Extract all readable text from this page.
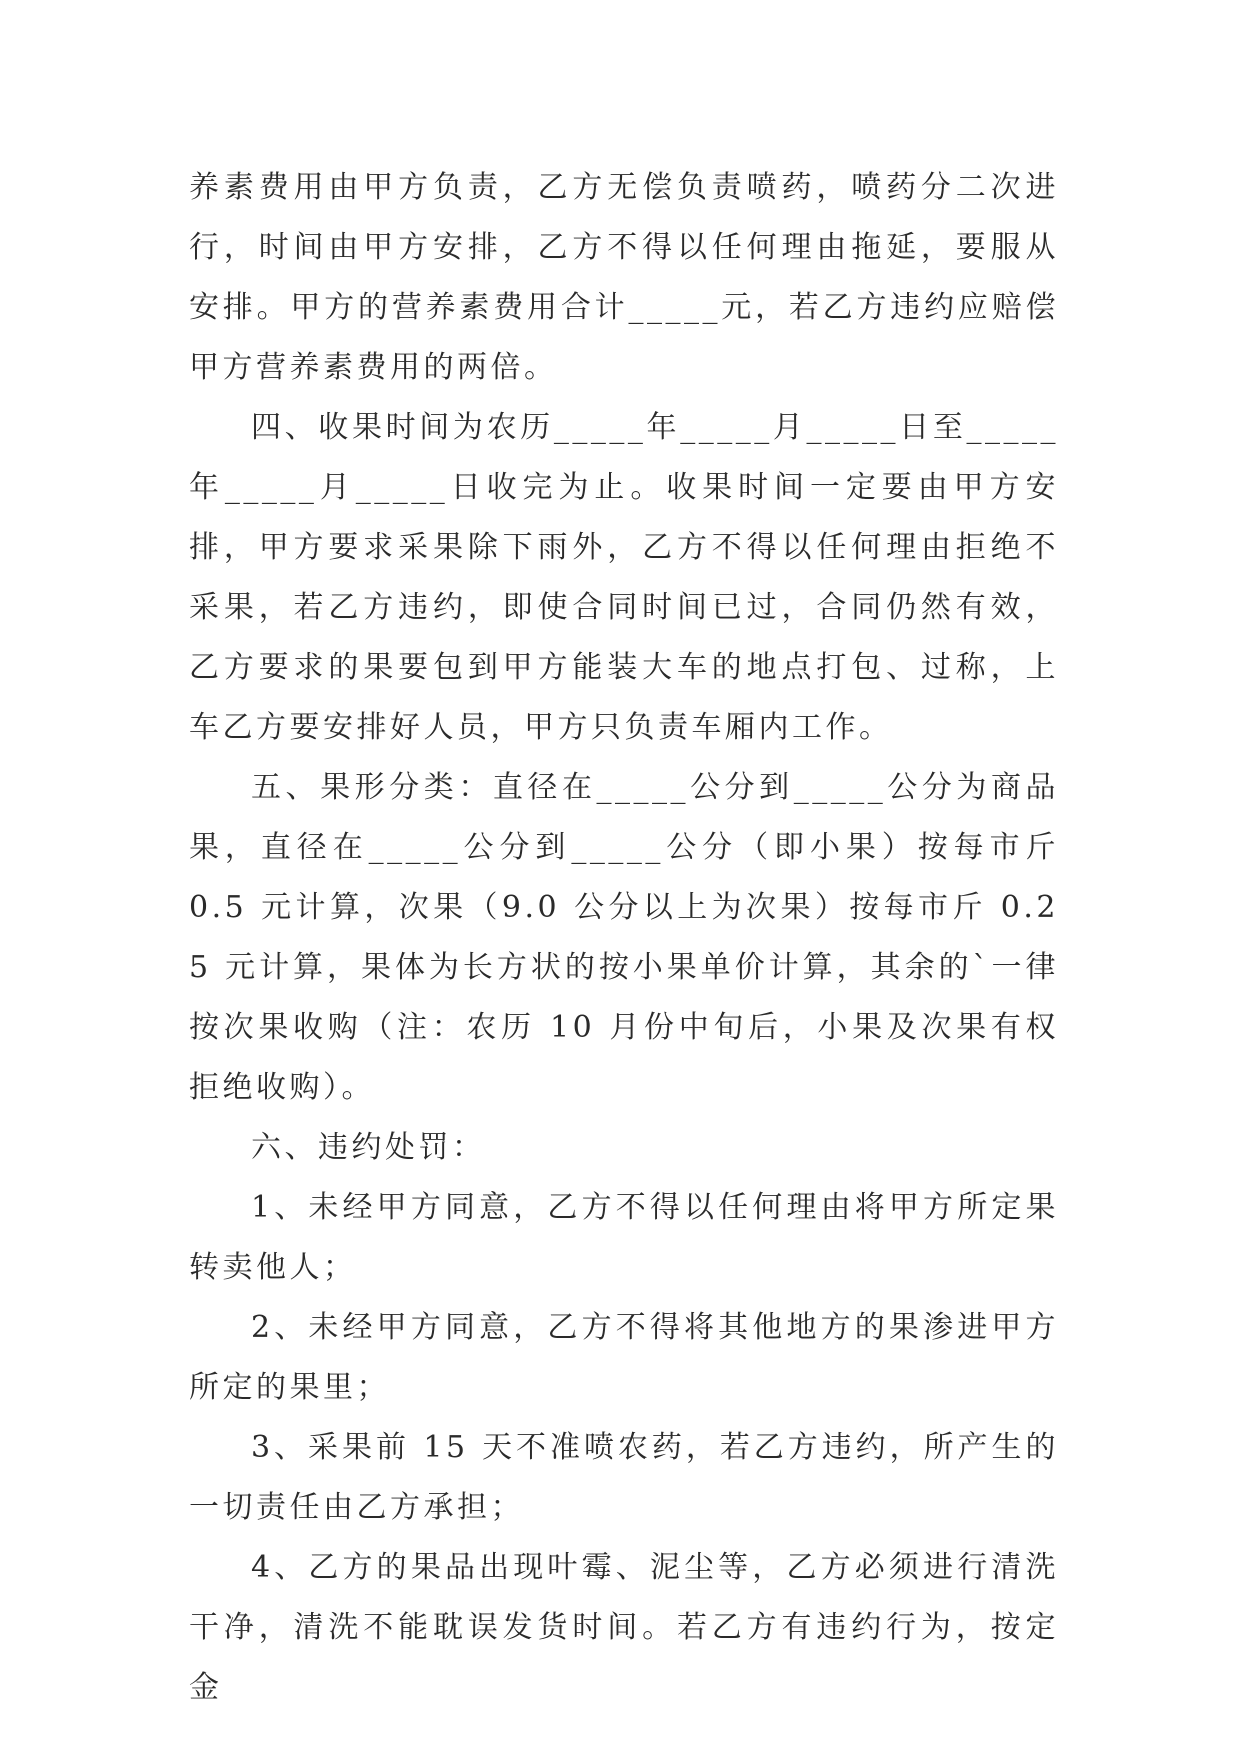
养素费用由甲方负责，乙方无偿负责喷药，喷药分二次进行，时间由甲方安排，乙方不得以任何理由拖延，要服从安排。甲方的营养素费用合计_____元，若乙方违约应赔偿甲方营养素费用的两倍。

四、收果时间为农历_____年_____月_____日至_____年_____月_____日收完为止。收果时间一定要由甲方安排，甲方要求采果除下雨外，乙方不得以任何理由拒绝不采果，若乙方违约，即使合同时间已过，合同仍然有效，乙方要求的果要包到甲方能装大车的地点打包、过称，上车乙方要安排好人员，甲方只负责车厢内工作。

五、果形分类：直径在_____公分到_____公分为商品果，直径在_____公分到_____公分（即小果）按每市斤 0.5 元计算，次果（9.0 公分以上为次果）按每市斤 0.25 元计算，果体为长方状的按小果单价计算，其余的`一律按次果收购（注：农历 10 月份中旬后，小果及次果有权拒绝收购）。

六、违约处罚：

1、未经甲方同意，乙方不得以任何理由将甲方所定果转卖他人；

2、未经甲方同意，乙方不得将其他地方的果渗进甲方所定的果里；

3、采果前 15 天不准喷农药，若乙方违约，所产生的一切责任由乙方承担；

4、乙方的果品出现叶霉、泥尘等，乙方必须进行清洗干净，清洗不能耽误发货时间。若乙方有违约行为，按定金
